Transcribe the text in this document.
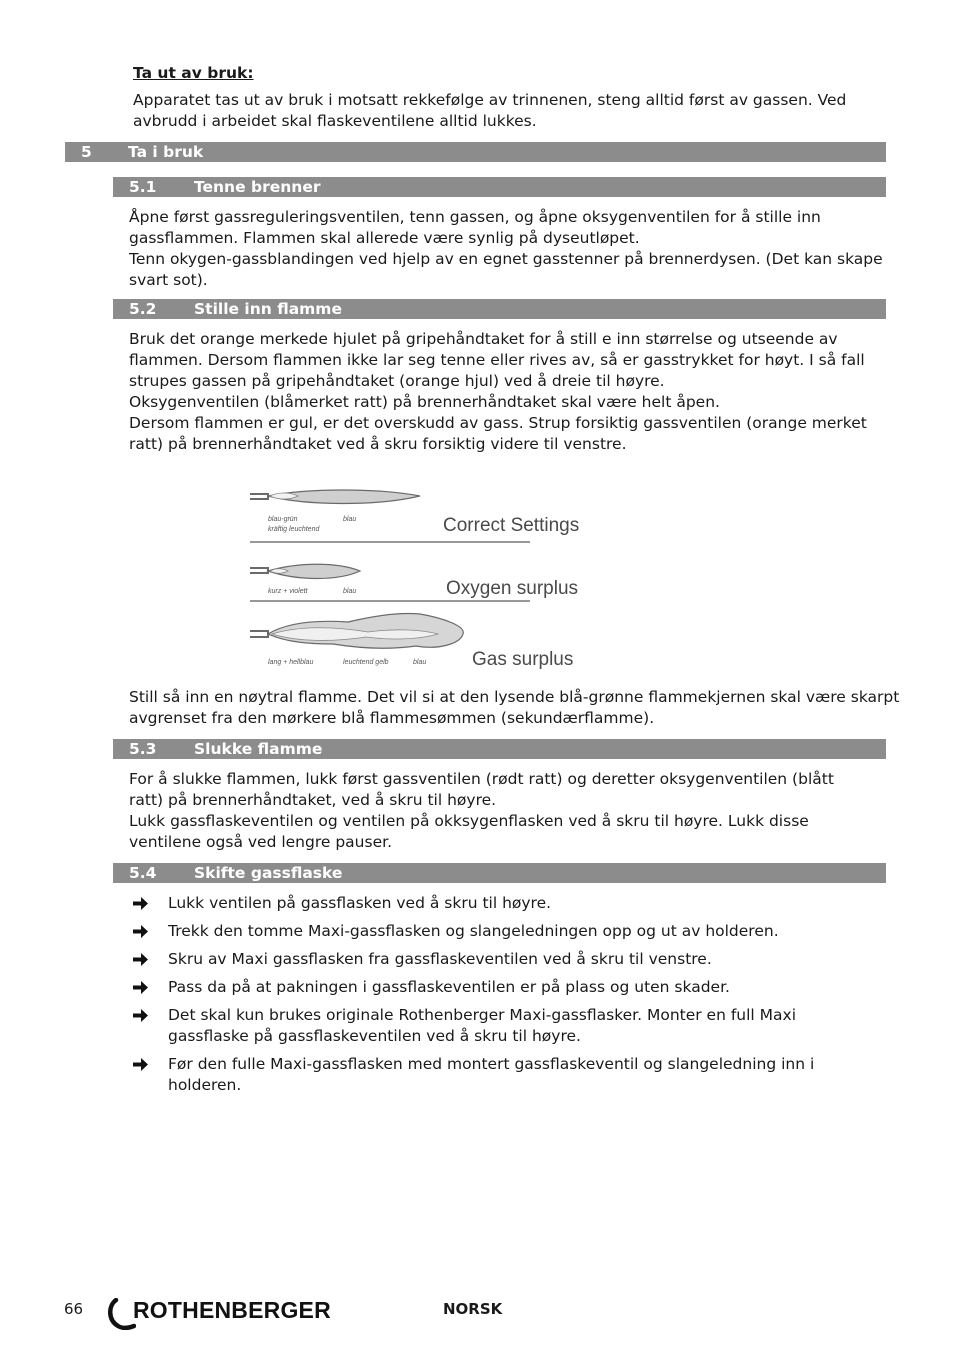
Ta ut av bruk:
Apparatet tas ut av bruk i motsatt rekkefølge av trinnenen, steng alltid først av gassen. Ved
avbrudd i arbeidet skal flaskeventilene alltid lukkes.
5 Ta i bruk
5.1 Tenne brenner
Åpne først gassreguleringsventilen, tenn gassen, og åpne oksygenventilen for å stille inn
gassflammen. Flammen skal allerede være synlig på dyseutløpet.
Tenn okygen-gassblandingen ved hjelp av en egnet gasstenner på brennerdysen. (Det kan skape
svart sot).
5.2 Stille inn flamme
Bruk det orange merkede hjulet på gripehåndtaket for å still e inn størrelse og utseende av
flammen. Dersom flammen ikke lar seg tenne eller rives av, så er gasstrykket for høyt. I så fall
strupes gassen på gripehåndtaket (orange hjul) ved å dreie til høyre.
Oksygenventilen (blåmerket ratt) på brennerhåndtaket skal være helt åpen.
Dersom flammen er gul, er det overskudd av gass. Strup forsiktig gassventilen (orange merket
ratt) på brennerhåndtaket ved å skru forsiktig videre til venstre.
blau-grün
kräftig leuchtend
blau	Correct Settings
kurz + violett	blau	Oxygen surplus
lang + hellblau	leuchtend gelb	blau Gas surplus
Still så inn en nøytral flamme. Det vil si at den lysende blå-grønne flammekjernen skal være skarpt
avgrenset fra den mørkere blå flammesømmen (sekundærflamme).
5.3 Slukke flamme
For å slukke flammen, lukk først gassventilen (rødt ratt) og deretter oksygenventilen (blått
ratt) på brennerhåndtaket, ved å skru til høyre.
Lukk gassflaskeventilen og ventilen på okksygenflasken ved å skru til høyre. Lukk disse
ventilene også ved lengre pauser.
5.4 Skifte gassflaske
Lukk ventilen på gassflasken ved å skru til høyre.
Trekk den tomme Maxi-gassflasken og slangeledningen opp og ut av holderen.
Skru av Maxi gassflasken fra gassflaskeventilen ved å skru til venstre.
Pass da på at pakningen i gassflaskeventilen er på plass og uten skader.
Det skal kun brukes originale Rothenberger Maxi-gassflasker. Monter en full Maxi
gassflaske på gassflaskeventilen ved å skru til høyre.
Før den fulle Maxi-gassflasken med montert gassflaskeventil og slangeledning inn i
holderen.
66 ROTHENBERGER	NORSK
